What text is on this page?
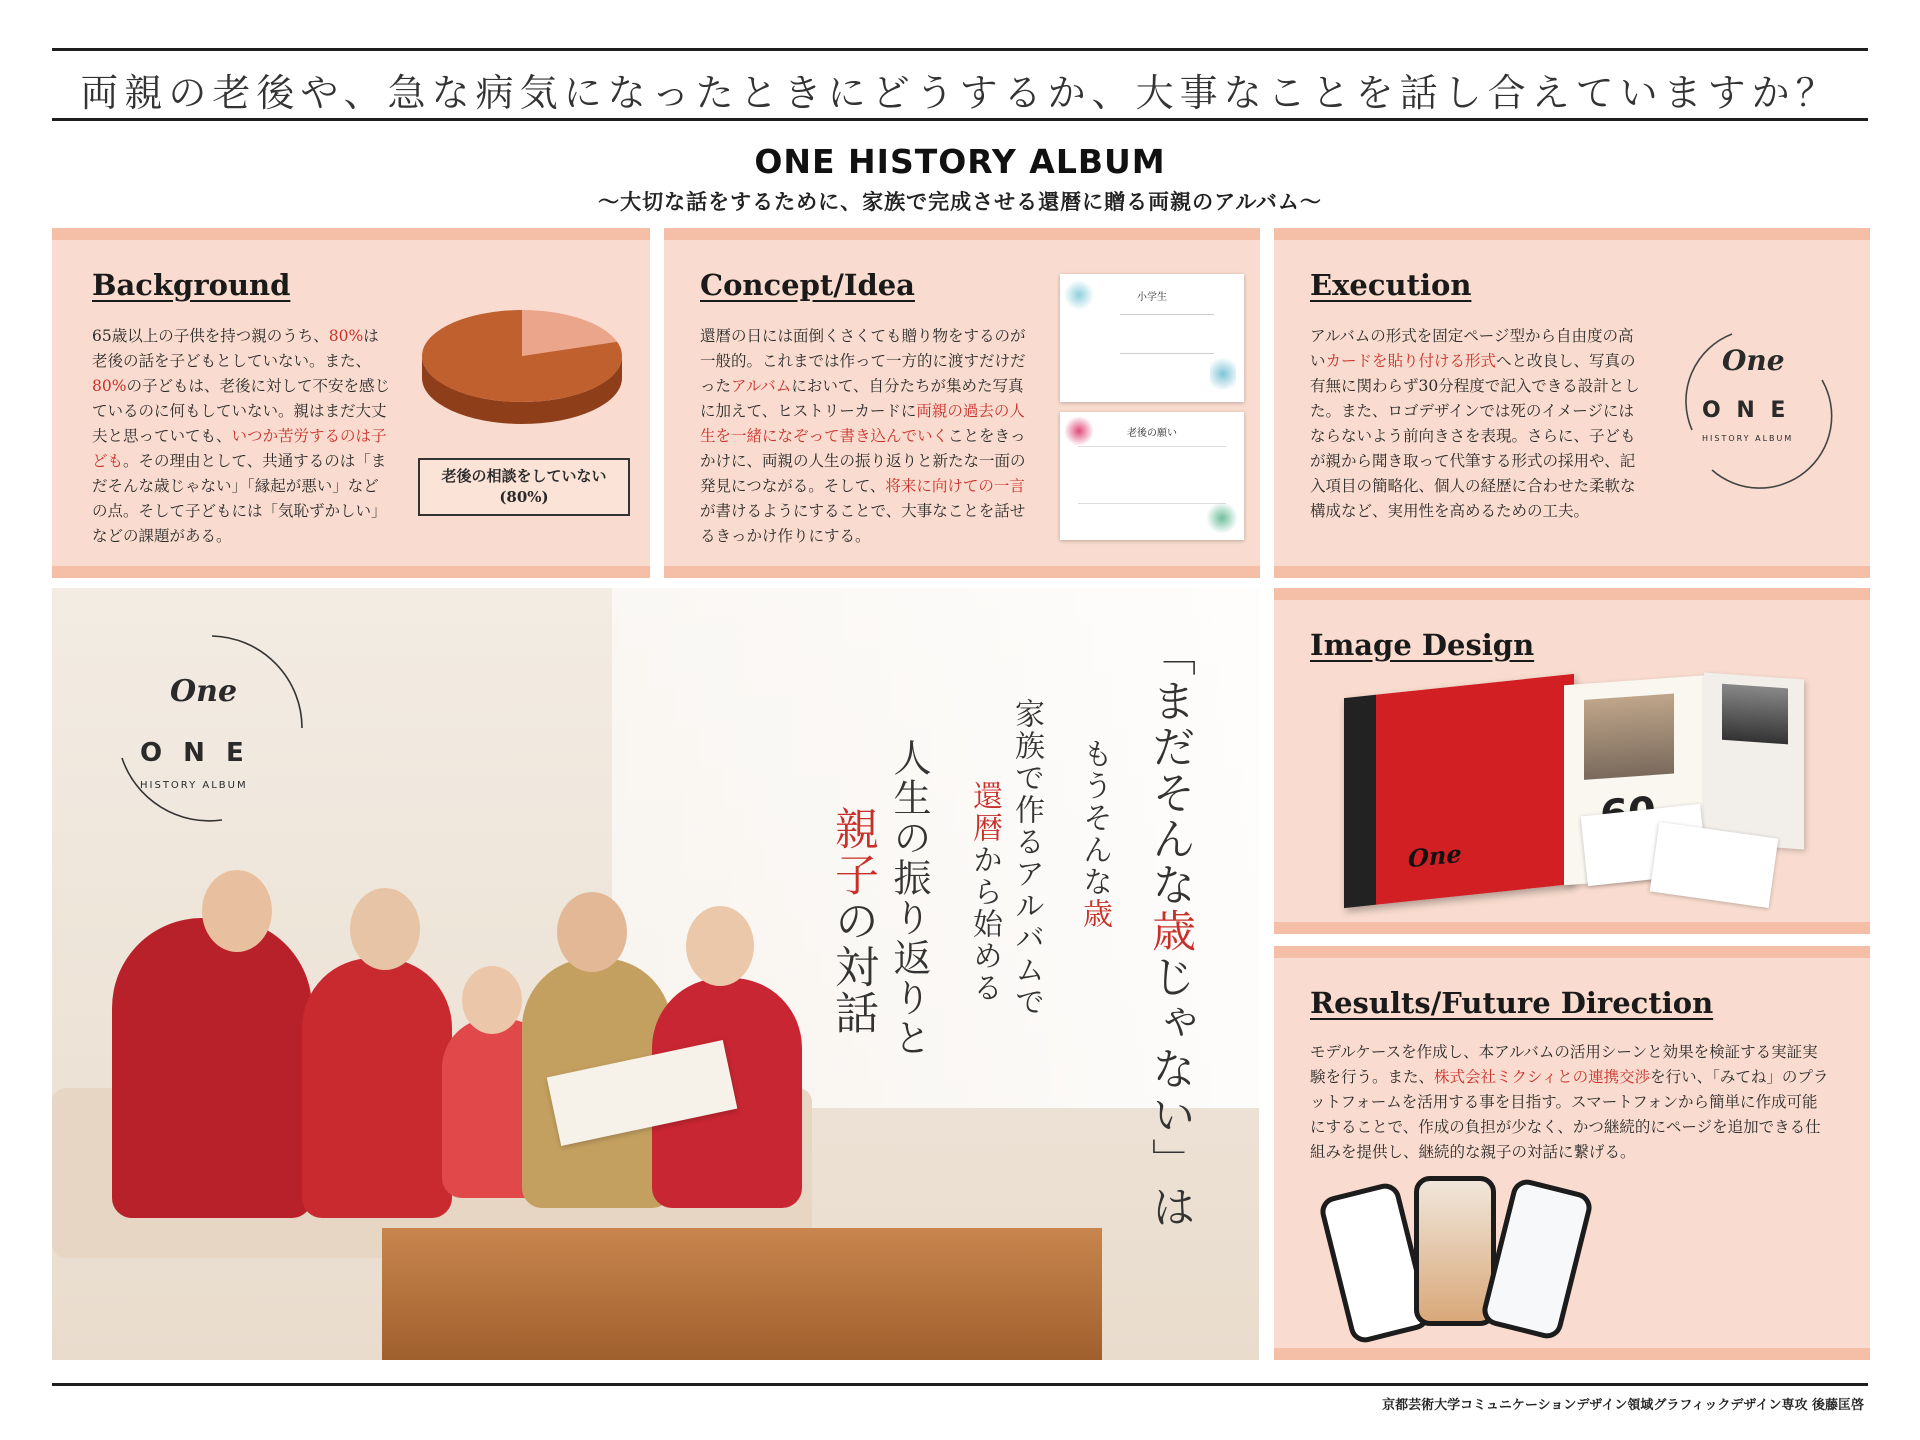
両親の老後や、急な病気になったときにどうするか、大事なことを話し合えていますか？
ONE HISTORY ALBUM
〜大切な話をするために、家族で完成させる還暦に贈る両親のアルバム〜
Background

65歳以上の子供を持つ親のうち、80%は老後の話を子どもとしていない。また、80%の子どもは、老後に対して不安を感じているのに何もしていない。親はまだ大丈夫と思っていても、いつか苦労するのは子ども。その理由として、共通するのは「まだそんな歳じゃない」「縁起が悪い」などの点。そして子どもには「気恥ずかしい」などの課題がある。

老後の相談をしていない
(80%)
Concept/Idea

還暦の日には面倒くさくても贈り物をするのが一般的。これまでは作って一方的に渡すだけだったアルバムにおいて、自分たちが集めた写真に加えて、ヒストリーカードに両親の過去の人生を一緒になぞって書き込んでいくことをきっかけに、両親の人生の振り返りと新たな一面の発見につながる。そして、将来に向けての一言が書けるようにすることで、大事なことを話せるきっかけ作りにする。

小学生
老後の願い
Execution

アルバムの形式を固定ページ型から自由度の高いカードを貼り付ける形式へと改良し、写真の有無に関わらず30分程度で記入できる設計とした。また、ロゴデザインでは死のイメージにはならないよう前向きさを表現。さらに、子どもが親から聞き取って代筆する形式の採用や、記入項目の簡略化、個人の経歴に合わせた柔軟な構成など、実用性を高めるための工夫。

One
O N E
HISTORY ALBUM
One
O N E
HISTORY ALBUM	「まだそんな歳じゃない」は
もうそんな歳
家族で作るアルバムで
還暦から始める
人生の振り返りと
親子の対話
Image Design
One
Results/Future Direction

モデルケースを作成し、本アルバムの活用シーンと効果を検証する実証実験を行う。また、株式会社ミクシィとの連携交渉を行い、「みてね」のプラットフォームを活用する事を目指す。スマートフォンから簡単に作成可能にすることで、作成の負担が少なく、かつ継続的にページを追加できる仕組みを提供し、継続的な親子の対話に繋げる。

京都芸術大学コミュニケーションデザイン領域グラフィックデザイン専攻 後藤匡啓
